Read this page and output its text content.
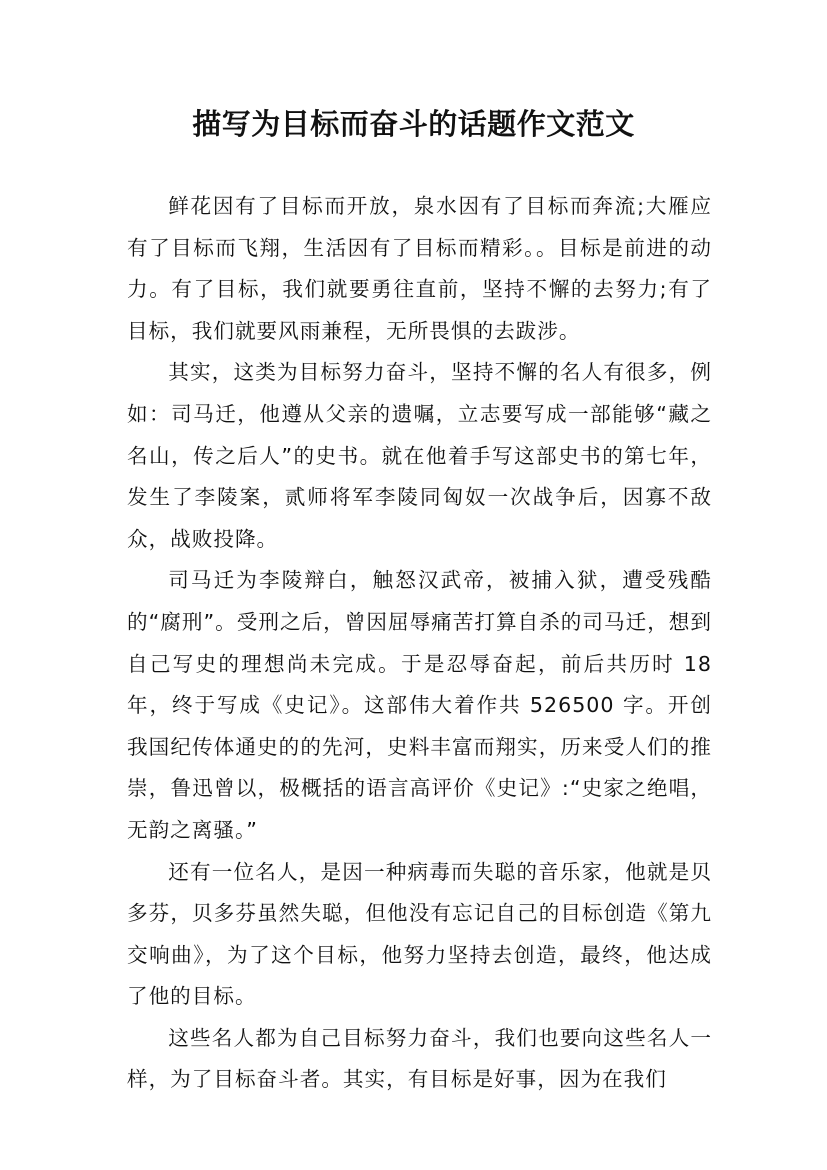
描写为目标而奋斗的话题作文范文

鲜花因有了目标而开放，泉水因有了目标而奔流;大雁应有了目标而飞翔，生活因有了目标而精彩。。目标是前进的动力。有了目标，我们就要勇往直前，坚持不懈的去努力;有了目标，我们就要风雨兼程，无所畏惧的去跋涉。

其实，这类为目标努力奋斗，坚持不懈的名人有很多，例如：司马迁，他遵从父亲的遗嘱，立志要写成一部能够“藏之名山，传之后人”的史书。就在他着手写这部史书的第七年，发生了李陵案，贰师将军李陵同匈奴一次战争后，因寡不敌众，战败投降。

司马迁为李陵辩白，触怒汉武帝，被捕入狱，遭受残酷的“腐刑”。受刑之后，曾因屈辱痛苦打算自杀的司马迁，想到自己写史的理想尚未完成。于是忍辱奋起，前后共历时 18 年，终于写成《史记》。这部伟大着作共 526500 字。开创我国纪传体通史的的先河，史料丰富而翔实，历来受人们的推崇，鲁迅曾以，极概括的语言高评价《史记》:“史家之绝唱，无韵之离骚。”

还有一位名人，是因一种病毒而失聪的音乐家，他就是贝多芬，贝多芬虽然失聪，但他没有忘记自己的目标创造《第九交响曲》，为了这个目标，他努力坚持去创造，最终，他达成了他的目标。

这些名人都为自己目标努力奋斗，我们也要向这些名人一样，为了目标奋斗者。其实，有目标是好事，因为在我们
